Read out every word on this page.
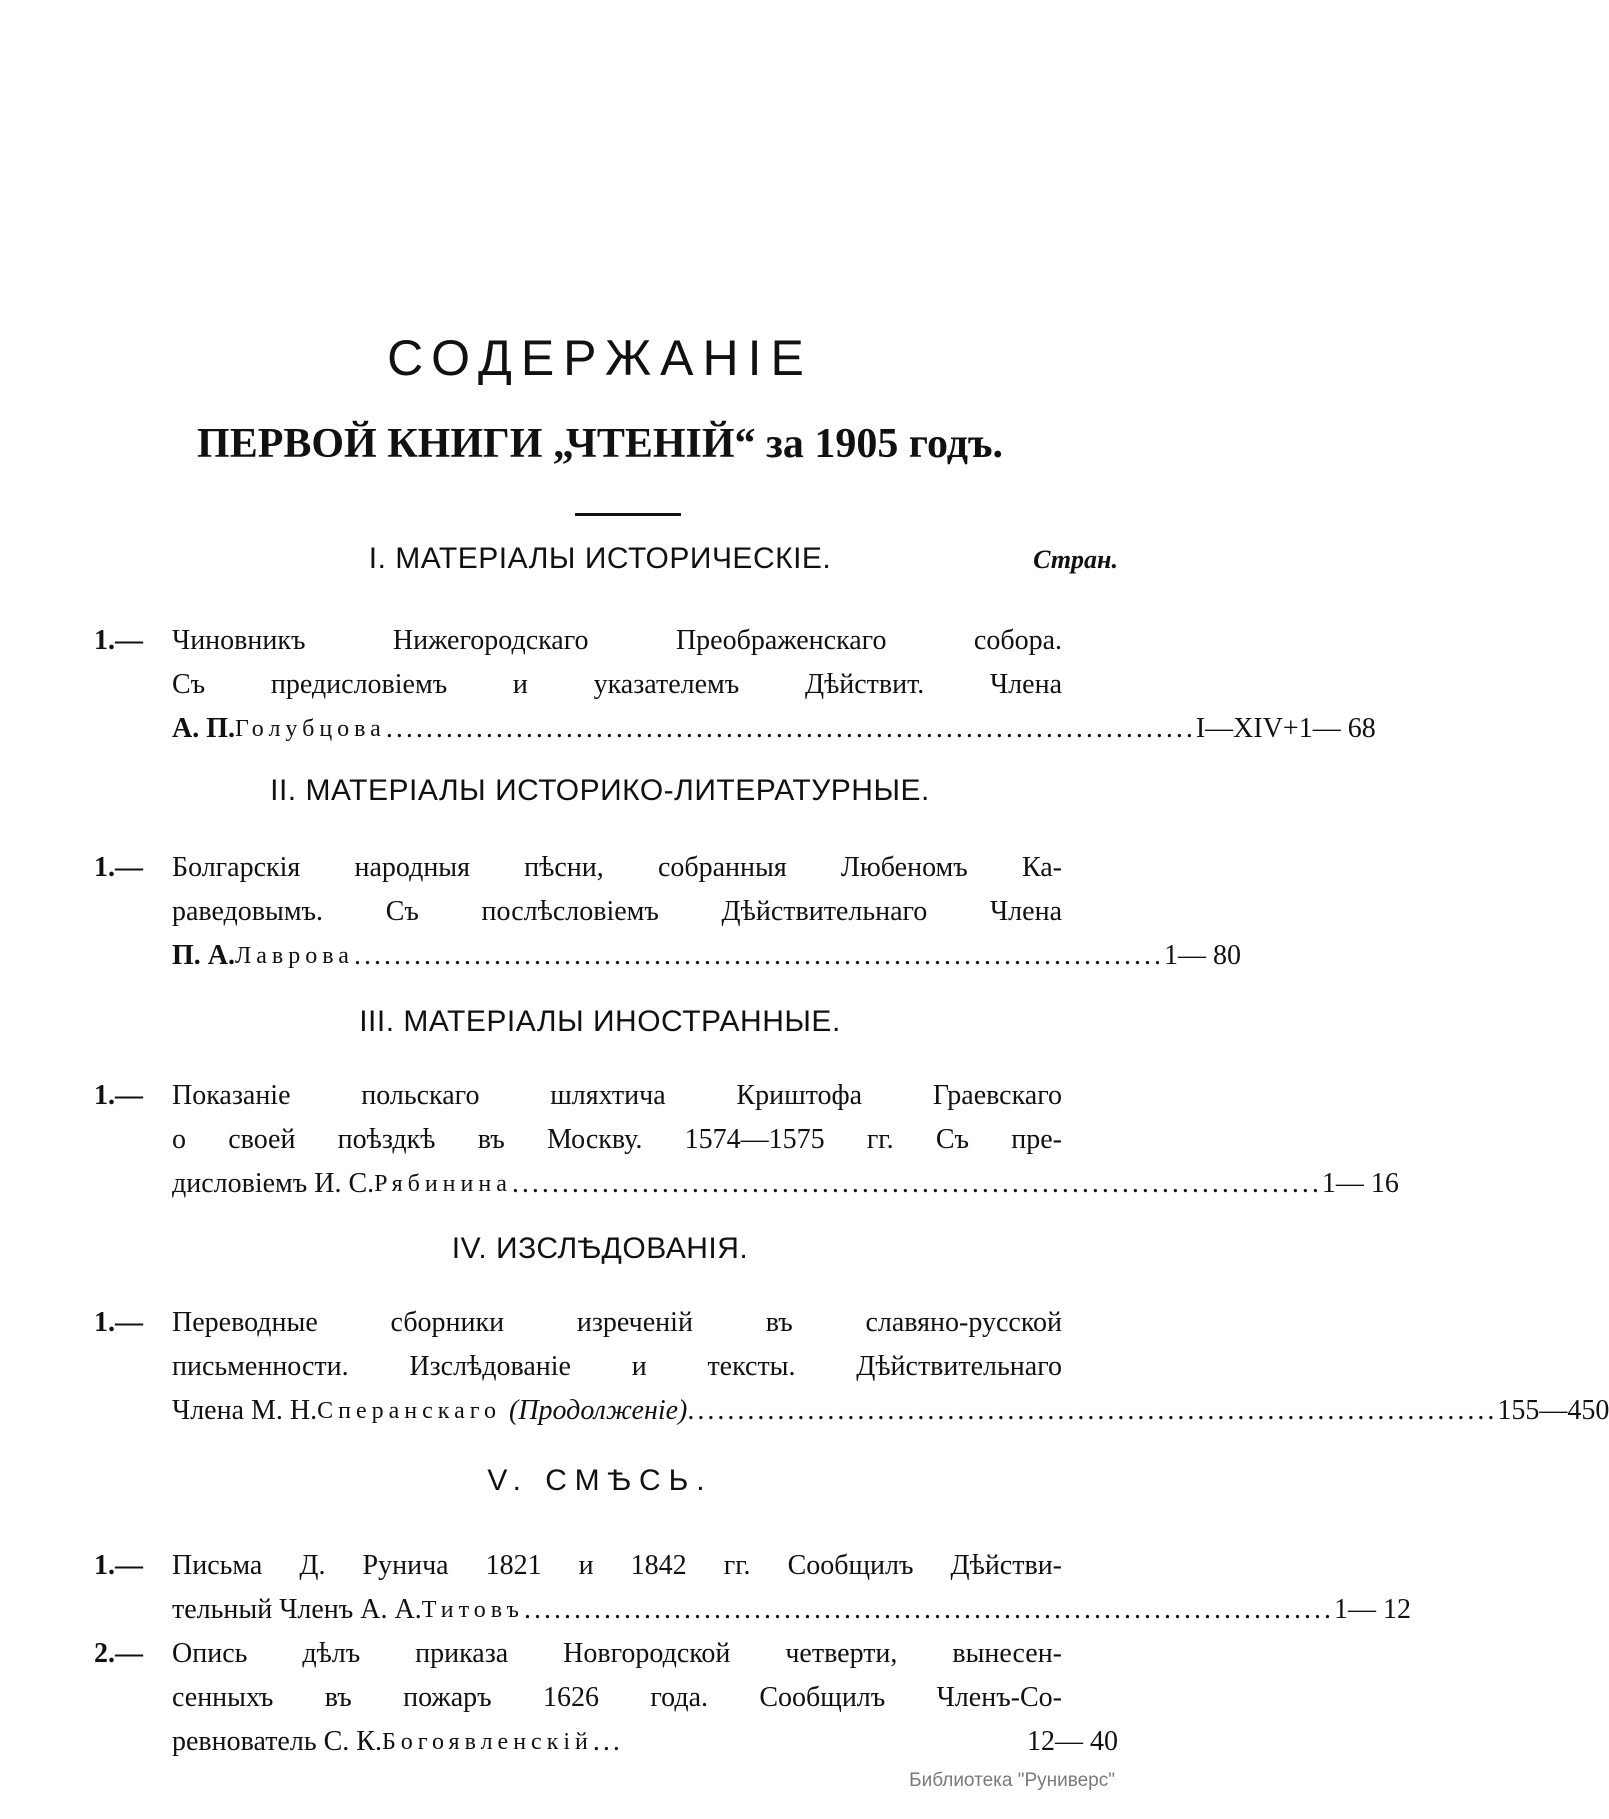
СОДЕРЖАНІЕ
ПЕРВОЙ КНИГИ „ЧТЕНІЙ“ за 1905 годъ.
Стран.
I. МАТЕРІАЛЫ ИСТОРИЧЕСКІЕ.
1.— Чиновникъ Нижегородскаго Преображенскаго собора.
Съ предисловіемъ и указателемъ Дѣйствит. Члена
А. П. Голубцова ................................................................................. I—XIV+1— 68
II. МАТЕРІАЛЫ ИСТОРИКО-ЛИТЕРАТУРНЫЕ.
1.— Болгарскія народныя пѣсни, собранныя Любеномъ Ка-
раведовымъ. Съ послѣсловіемъ Дѣйствительнаго Члена
П. А. Лаврова ................................................................................. 1— 80
III. МАТЕРІАЛЫ ИНОСТРАННЫЕ.
1.— Показаніе польскаго шляхтича Криштофа Граевскаго
о своей поѣздкѣ въ Москву. 1574—1575 гг. Съ пре-
дисловіемъ И. С. Рябинина ................................................................................. 1— 16
IV. ИЗСЛѢДОВАНІЯ.
1.— Переводные сборники изреченій въ славяно-русской
письменности. Изслѣдованіе и тексты. Дѣйствительнаго
Члена М. Н. Сперанскаго (Продолженіе) ................................................................................. 155—450
V. СМѢСЬ.
1.— Письма Д. Рунича 1821 и 1842 гг. Сообщилъ Дѣйстви-
тельный Членъ А. А. Титовъ ................................................................................. 1— 12
2.— Опись дѣлъ приказа Новгородской четверти, вынесен-
сенныхъ въ пожаръ 1626 года. Сообщилъ Членъ-Со-
ревнователь С. К. Богоявленскій ...	12— 40
Библиотека "Руниверс"
